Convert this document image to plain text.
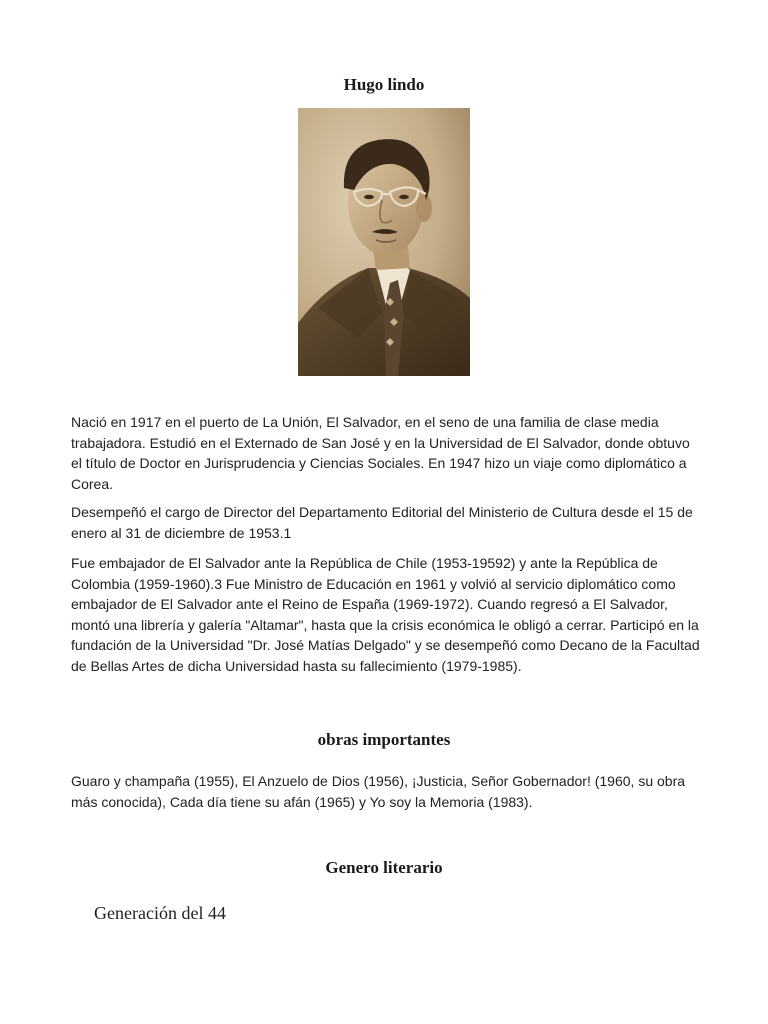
Hugo lindo

Nació en 1917 en el puerto de La Unión, El Salvador, en el seno de una familia de clase media trabajadora. Estudió en el Externado de San José y en la Universidad de El Salvador, donde obtuvo el título de Doctor en Jurisprudencia y Ciencias Sociales. En 1947 hizo un viaje como diplomático a Corea.

Desempeñó el cargo de Director del Departamento Editorial del Ministerio de Cultura desde el 15 de enero al 31 de diciembre de 1953.1

Fue embajador de El Salvador ante la República de Chile (1953-19592) y ante la República de Colombia (1959-1960).3 Fue Ministro de Educación en 1961 y volvió al servicio diplomático como embajador de El Salvador ante el Reino de España (1969-1972). Cuando regresó a El Salvador, montó una librería y galería "Altamar", hasta que la crisis económica le obligó a cerrar. Participó en la fundación de la Universidad "Dr. José Matías Delgado" y se desempeñó como Decano de la Facultad de Bellas Artes de dicha Universidad hasta su fallecimiento (1979-1985).

obras importantes

Guaro y champaña (1955), El Anzuelo de Dios (1956), ¡Justicia, Señor Gobernador! (1960, su obra más conocida), Cada día tiene su afán (1965) y Yo soy la Memoria (1983).

Genero literario

Generación del 44
